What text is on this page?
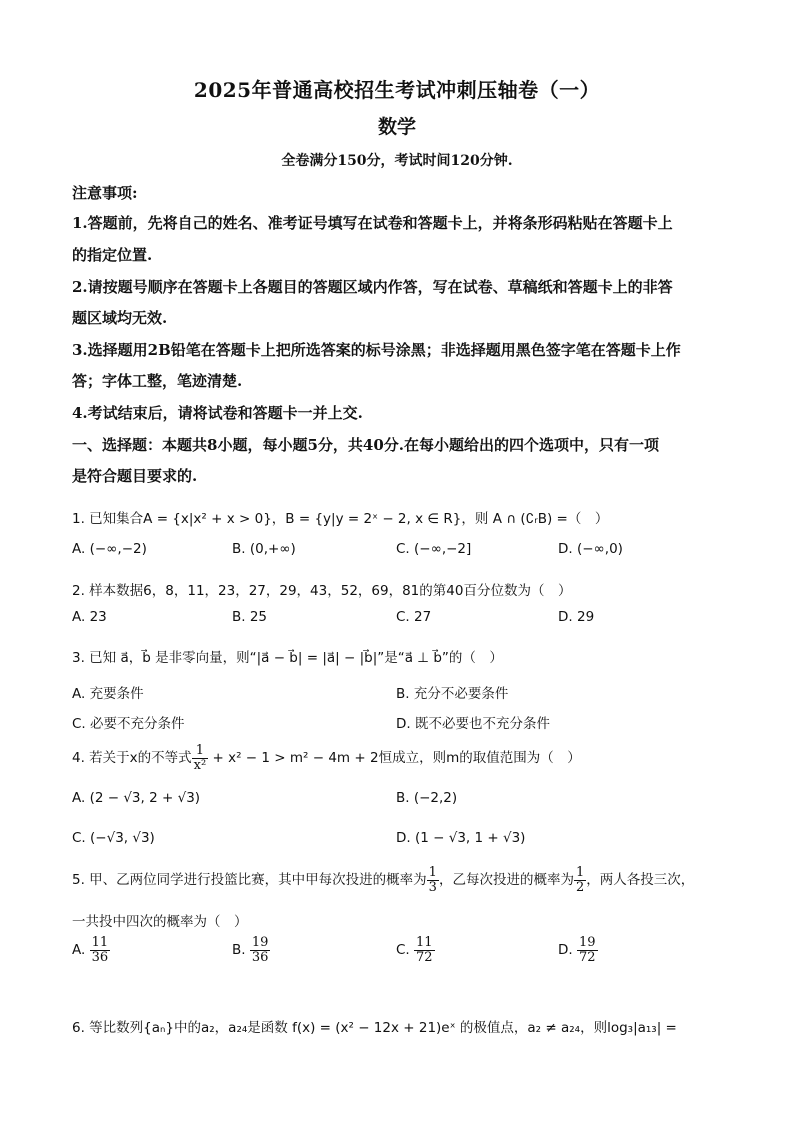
2025年普通高校招生考试冲刺压轴卷（一）
数学
全卷满分150分，考试时间120分钟.
注意事项:
1.答题前，先将自己的姓名、准考证号填写在试卷和答题卡上，并将条形码粘贴在答题卡上
的指定位置.
2.请按题号顺序在答题卡上各题目的答题区域内作答，写在试卷、草稿纸和答题卡上的非答
题区域均无效.
3.选择题用2B铅笔在答题卡上把所选答案的标号涂黑；非选择题用黑色签字笔在答题卡上作
答；字体工整，笔迹清楚.
4.考试结束后，请将试卷和答题卡一并上交.
一、选择题：本题共8小题，每小题5分，共40分.在每小题给出的四个选项中，只有一项
是符合题目要求的.
1. 已知集合A = {x|x² + x > 0}，B = {y|y = 2ˣ − 2, x ∈ R}，则 A ∩ (∁ᵣB) =（　）
A. (−∞,−2)	B. (0,+∞)	C. (−∞,−2]	D. (−∞,0)
2. 样本数据6，8，11，23，27，29，43，52，69，81的第40百分位数为（　）
A. 23	B. 25	C. 27	D. 29
3. 已知 a⃗，b⃗ 是非零向量，则“|a⃗ − b⃗| = |a⃗| − |b⃗|”是“a⃗ ⊥ b⃗”的（　）
A. 充要条件	B. 充分不必要条件
C. 必要不充分条件	D. 既不必要也不充分条件
4. 若关于x的不等式 $\frac{1}{\text{x²}} + x^2 - 1 > m^2 - 4m + 2$恒成立，则m的取值范围为（　）
A. (2 − √3, 2 + √3)	B. (−2,2)
C. (−√3, √3)	D. (1 − √3, 1 + √3)
5. 甲、乙两位同学进行投篮比赛，其中甲每次投进的概率为 $\frac{1}{3}$ ，乙每次投进的概率为 $\frac{1}{2}$ ，两人各投三次，
一共投中四次的概率为（　）
A. $\frac{11}{36}$	B. $\frac{19}{36}$	C. $\frac{11}{72}$	D. $\frac{19}{72}$
6. 等比数列{aₙ}中的a₂，a₂₄是函数 f(x) = (x² − 12x + 21)eˣ 的极值点，a₂ ≠ a₂₄，则log₃|a₁₃| =
